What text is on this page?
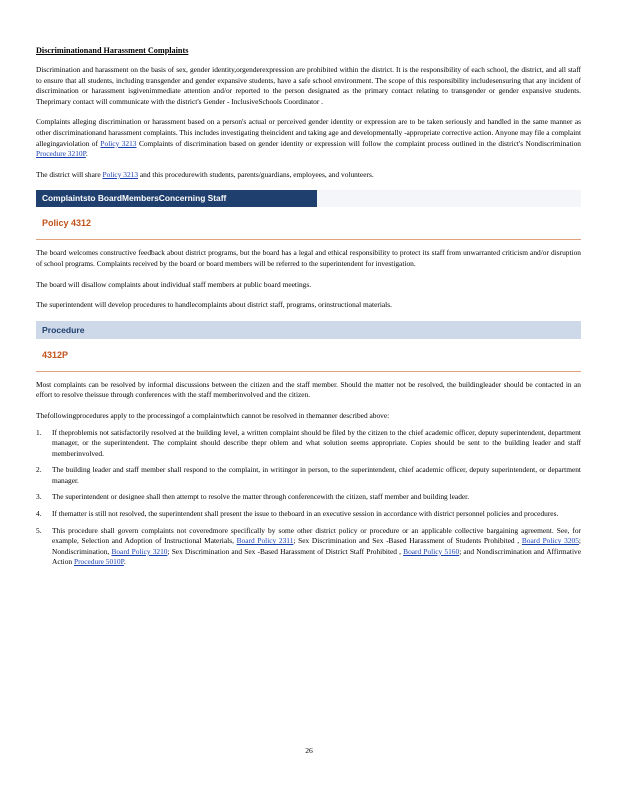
Discriminationand Harassment Complaints

Discrimination and harassment on the basis of sex, gender identity,orgenderexpression are prohibited within the district. It is the responsibility of each school, the district, and all staff to ensure that all students, including transgender and gender expansive students, have a safe school environment. The scope of this responsibility includesensuring that any incident of discrimination or harassment isgivenimmediate attention and/or reported to the person designated as the primary contact relating to transgender or gender expansive students. Theprimary contact will communicate with the district's Gender - InclusiveSchools Coordinator .

Complaints alleging discrimination or harassment based on a person's actual or perceived gender identity or expression are to be taken seriously and handled in the same manner as other discriminationand harassment complaints. This includes investigating theincident and taking age and developmentally -appropriate corrective action. Anyone may file a complaint allegingaviolation of Policy 3213 Complaints of discrimination based on gender identity or expression will follow the complaint process outlined in the district's Nondiscrimination Procedure 3210P.

The district will share Policy 3213 and this procedurewith students, parents/guardians, employees, and volunteers.

Complaintsto BoardMembersConcerning Staff
Policy 4312

The board welcomes constructive feedback about district programs, but the board has a legal and ethical responsibility to protect its staff from unwarranted criticism and/or disruption of school programs. Complaints received by the board or board members will be referred to the superintendent for investigation.

The board will disallow complaints about individual staff members at public board meetings.

The superintendent will develop procedures to handlecomplaints about district staff, programs, orinstructional materials.

Procedure
4312P

Most complaints can be resolved by informal discussions between the citizen and the staff member. Should the matter not be resolved, the buildingleader should be contacted in an effort to resolve theissue through conferences with the staff memberinvolved and the citizen.

Thefollowingprocedures apply to the processingof a complaintwhich cannot be resolved in themanner described above:

1. If theproblemis not satisfactorily resolved at the building level, a written complaint should be filed by the citizen to the chief academic officer, deputy superintendent, department manager, or the superintendent. The complaint should describe thepr oblem and what solution seems appropriate. Copies should be sent to the building leader and staff memberinvolved.
2. The building leader and staff member shall respond to the complaint, in writingor in person, to the superintendent, chief academic officer, deputy superintendent, or department manager.
3. The superintendent or designee shall then attempt to resolve the matter through conferencewith the citizen, staff member and building leader.
4. If thematter is still not resolved, the superintendent shall present the issue to theboard in an executive session in accordance with district personnel policies and procedures.
5. This procedure shall govern complaints not coveredmore specifically by some other district policy or procedure or an applicable collective bargaining agreement. See, for example, Selection and Adoption of Instructional Materials, Board Policy 2311; Sex Discrimination and Sex -Based Harassment of Students Prohibited , Board Policy 3205; Nondiscrimination, Board Policy 3210; Sex Discrimination and Sex -Based Harassment of District Staff Prohibited , Board Policy 5160; and Nondiscrimination and Affirmative Action Procedure 5010P.
26
